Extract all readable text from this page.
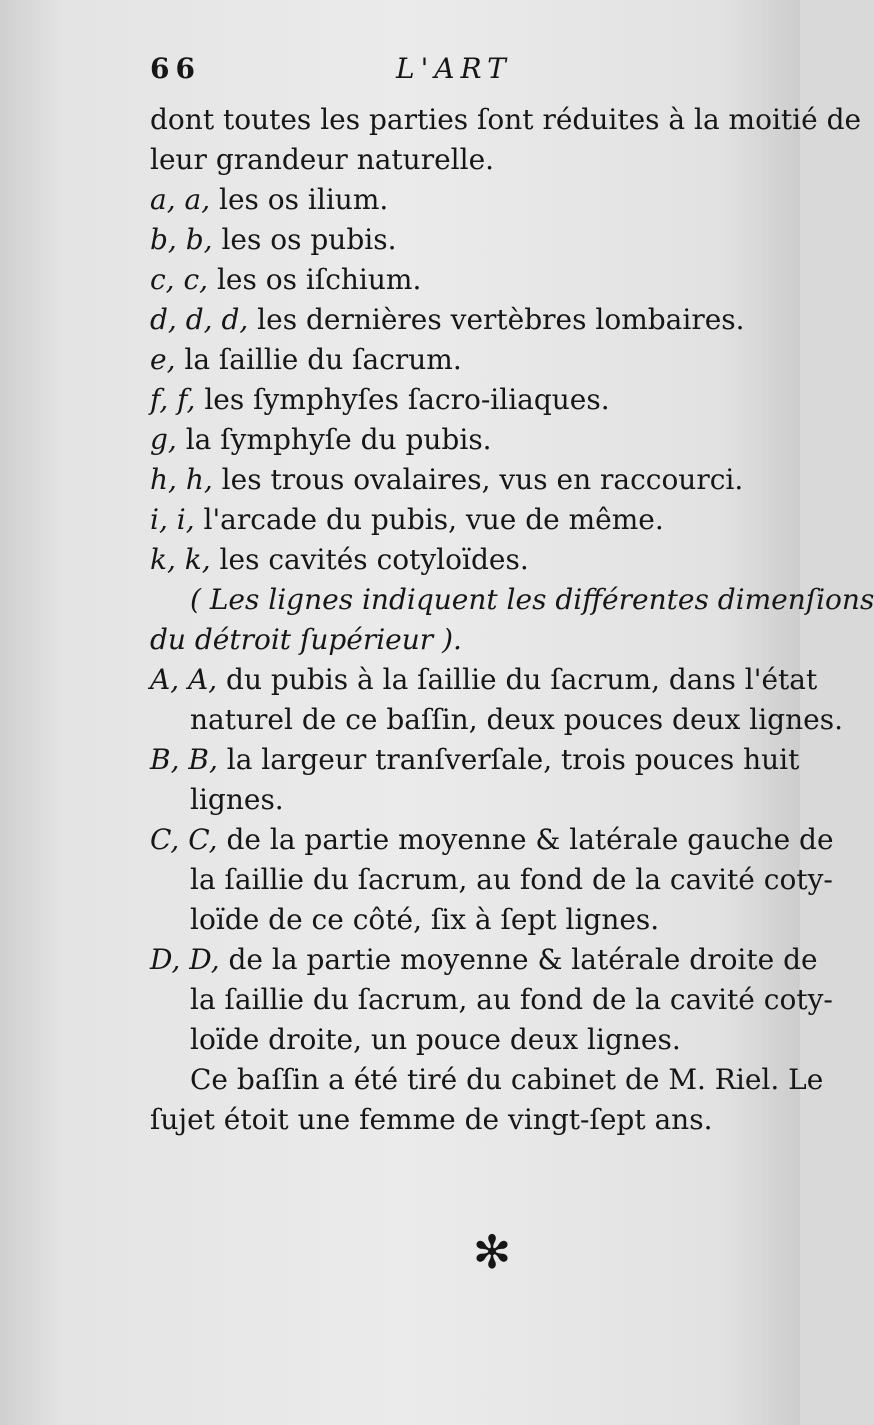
66	L'ART
dont toutes les parties ſont réduites à la moitié de
leur grandeur naturelle.
a, a, les os ilium.
b, b, les os pubis.
c, c, les os iſchium.
d, d, d, les dernières vertèbres lombaires.
e, la ſaillie du ſacrum.
f, f, les ſymphyſes ſacro-iliaques.
g, la ſymphyſe du pubis.
h, h, les trous ovalaires, vus en raccourci.
i, i, l'arcade du pubis, vue de même.
k, k, les cavités cotyloïdes.
( Les lignes indiquent les différentes dimenſions
du détroit ſupérieur ).
A, A, du pubis à la ſaillie du ſacrum, dans l'état
naturel de ce baſſin, deux pouces deux lignes.
B, B, la largeur tranſverſale, trois pouces huit
lignes.
C, C, de la partie moyenne & latérale gauche de
la ſaillie du ſacrum, au fond de la cavité coty-
loïde de ce côté, ſix à ſept lignes.
D, D, de la partie moyenne & latérale droite de
la ſaillie du ſacrum, au fond de la cavité coty-
loïde droite, un pouce deux lignes.
Ce baſſin a été tiré du cabinet de M. Riel. Le
ſujet étoit une femme de vingt-ſept ans.
✻
